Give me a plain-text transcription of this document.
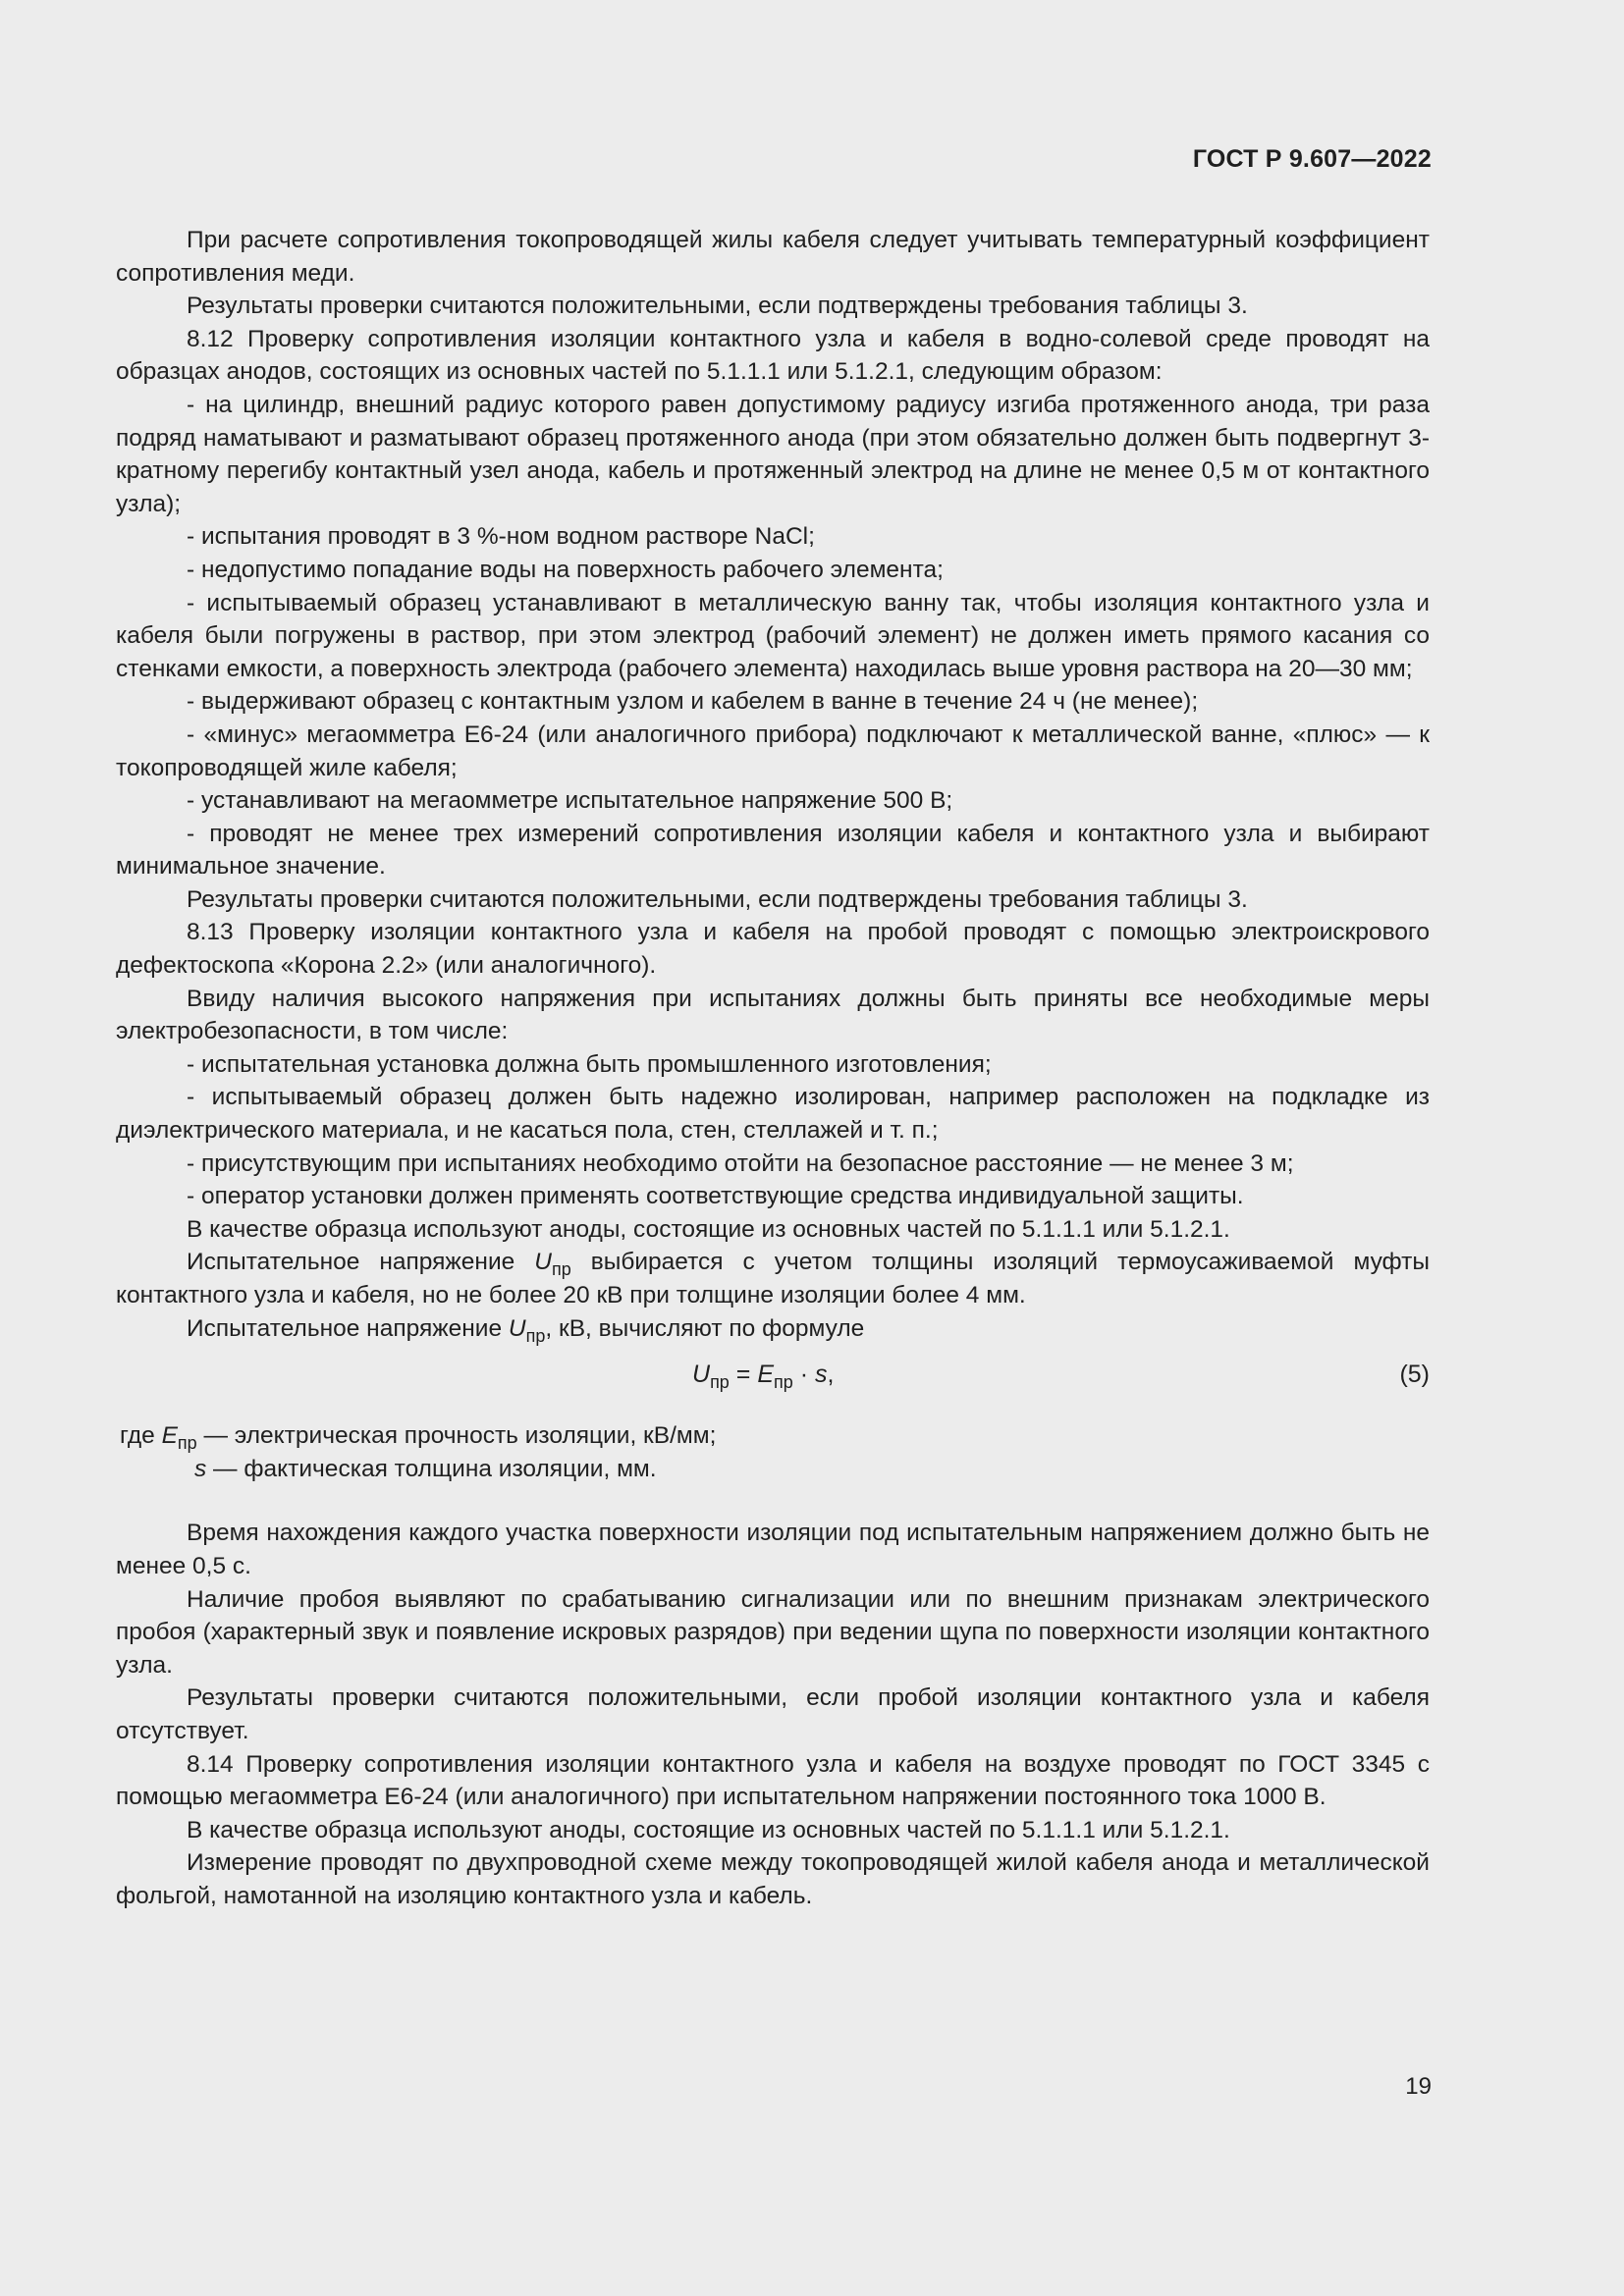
ГОСТ Р 9.607—2022

При расчете сопротивления токопроводящей жилы кабеля следует учитывать температурный коэффициент сопротивления меди.

Результаты проверки считаются положительными, если подтверждены требования таблицы 3.

8.12 Проверку сопротивления изоляции контактного узла и кабеля в водно-солевой среде проводят на образцах анодов, состоящих из основных частей по 5.1.1.1 или 5.1.2.1, следующим образом:

- на цилиндр, внешний радиус которого равен допустимому радиусу изгиба протяженного анода, три раза подряд наматывают и разматывают образец протяженного анода (при этом обязательно должен быть подвергнут 3-кратному перегибу контактный узел анода, кабель и протяженный электрод на длине не менее 0,5 м от контактного узла);

- испытания проводят в 3 %-ном водном растворе NaCl;

- недопустимо попадание воды на поверхность рабочего элемента;

- испытываемый образец устанавливают в металлическую ванну так, чтобы изоляция контактного узла и кабеля были погружены в раствор, при этом электрод (рабочий элемент) не должен иметь прямого касания со стенками емкости, а поверхность электрода (рабочего элемента) находилась выше уровня раствора на 20—30 мм;

- выдерживают образец с контактным узлом и кабелем в ванне в течение 24 ч (не менее);

- «минус» мегаомметра Е6-24 (или аналогичного прибора) подключают к металлической ванне, «плюс» — к токопроводящей жиле кабеля;

- устанавливают на мегаомметре испытательное напряжение 500 В;

- проводят не менее трех измерений сопротивления изоляции кабеля и контактного узла и выбирают минимальное значение.

Результаты проверки считаются положительными, если подтверждены требования таблицы 3.

8.13 Проверку изоляции контактного узла и кабеля на пробой проводят с помощью электроискрового дефектоскопа «Корона 2.2» (или аналогичного).

Ввиду наличия высокого напряжения при испытаниях должны быть приняты все необходимые меры электробезопасности, в том числе:

- испытательная установка должна быть промышленного изготовления;

- испытываемый образец должен быть надежно изолирован, например расположен на подкладке из диэлектрического материала, и не касаться пола, стен, стеллажей и т. п.;

- присутствующим при испытаниях необходимо отойти на безопасное расстояние — не менее 3 м;

- оператор установки должен применять соответствующие средства индивидуальной защиты.

В качестве образца используют аноды, состоящие из основных частей по 5.1.1.1 или 5.1.2.1.

Испытательное напряжение $U_{пр}$ выбирается с учетом толщины изоляций термоусаживаемой муфты контактного узла и кабеля, но не более 20 кВ при толщине изоляции более 4 мм.

Испытательное напряжение $U_{пр}$, кВ, вычисляют по формуле

$U_{пр} = E_{пр} \cdot s$,	(5)

где $E_{пр}$ — электрическая прочность изоляции, кВ/мм;

s — фактическая толщина изоляции, мм.

Время нахождения каждого участка поверхности изоляции под испытательным напряжением должно быть не менее 0,5 с.

Наличие пробоя выявляют по срабатыванию сигнализации или по внешним признакам электрического пробоя (характерный звук и появление искровых разрядов) при ведении щупа по поверхности изоляции контактного узла.

Результаты проверки считаются положительными, если пробой изоляции контактного узла и кабеля отсутствует.

8.14 Проверку сопротивления изоляции контактного узла и кабеля на воздухе проводят по ГОСТ 3345 с помощью мегаомметра Е6-24 (или аналогичного) при испытательном напряжении постоянного тока 1000 В.

В качестве образца используют аноды, состоящие из основных частей по 5.1.1.1 или 5.1.2.1.

Измерение проводят по двухпроводной схеме между токопроводящей жилой кабеля анода и металлической фольгой, намотанной на изоляцию контактного узла и кабель.

19
